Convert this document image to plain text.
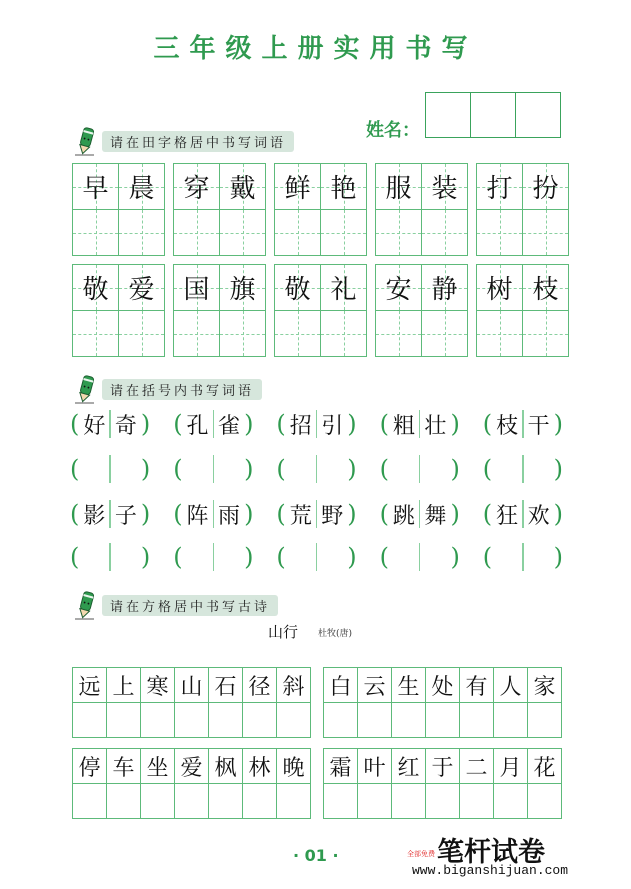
三年级上册实用书写
姓名：
请在田字格居中书写词语
早 晨	穿 戴	鲜 艳	服 装	打 扮
敬 爱	国 旗	敬 礼	安 静	树 枝
请在括号内书写词语
( 好 奇 ) ( 孔 雀 ) ( 招 引 ) ( 粗 壮 ) ( 枝 干 )
(	) (	) (	) (	) (	)
( 影 子 ) ( 阵 雨 ) ( 荒 野 ) ( 跳 舞 ) ( 狂 欢 )
(	) (	) (	) (	) (	)
请在方格居中书写古诗
山行 杜牧(唐)
远 上 寒 山 石 径 斜 白 云 生 处 有 人 家
停 车 坐 爱 枫 林 晚 霜 叶 红 于 二 月 花
· 01 ·	全部免费 笔杆试卷
www.biganshijuan.com
